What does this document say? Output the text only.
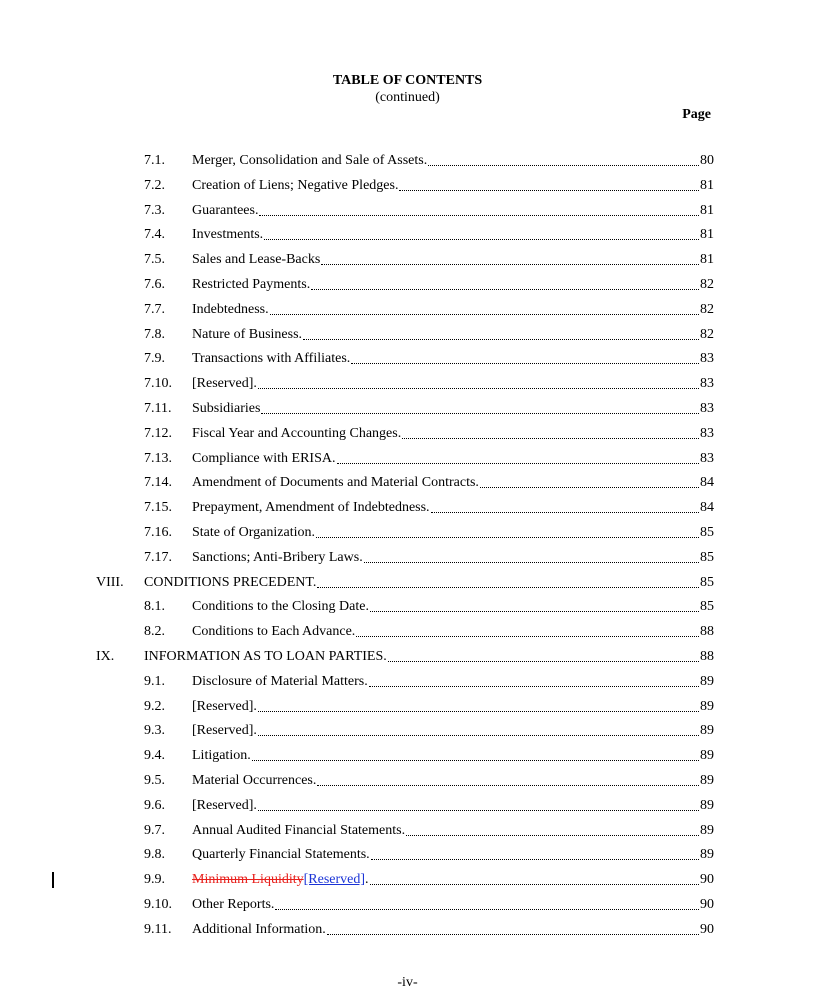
TABLE OF CONTENTS
(continued)
Page
7.1.	Merger, Consolidation and Sale of Assets.	80
7.2.	Creation of Liens; Negative Pledges.	81
7.3.	Guarantees.	81
7.4.	Investments.	81
7.5.	Sales and Lease-Backs	81
7.6.	Restricted Payments.	82
7.7.	Indebtedness.	82
7.8.	Nature of Business.	82
7.9.	Transactions with Affiliates.	83
7.10.	[Reserved].	83
7.11.	Subsidiaries	83
7.12.	Fiscal Year and Accounting Changes.	83
7.13.	Compliance with ERISA.	83
7.14.	Amendment of Documents and Material Contracts.	84
7.15.	Prepayment, Amendment of Indebtedness.	84
7.16.	State of Organization.	85
7.17.	Sanctions; Anti-Bribery Laws.	85
VIII.	CONDITIONS PRECEDENT.	85
8.1.	Conditions to the Closing Date.	85
8.2.	Conditions to Each Advance.	88
IX.	INFORMATION AS TO LOAN PARTIES.	88
9.1.	Disclosure of Material Matters.	89
9.2.	[Reserved].	89
9.3.	[Reserved].	89
9.4.	Litigation.	89
9.5.	Material Occurrences.	89
9.6.	[Reserved].	89
9.7.	Annual Audited Financial Statements.	89
9.8.	Quarterly Financial Statements.	89
9.9.	Minimum Liquidity[Reserved].	90
9.10.	Other Reports.	90
9.11.	Additional Information.	90
-iv-
